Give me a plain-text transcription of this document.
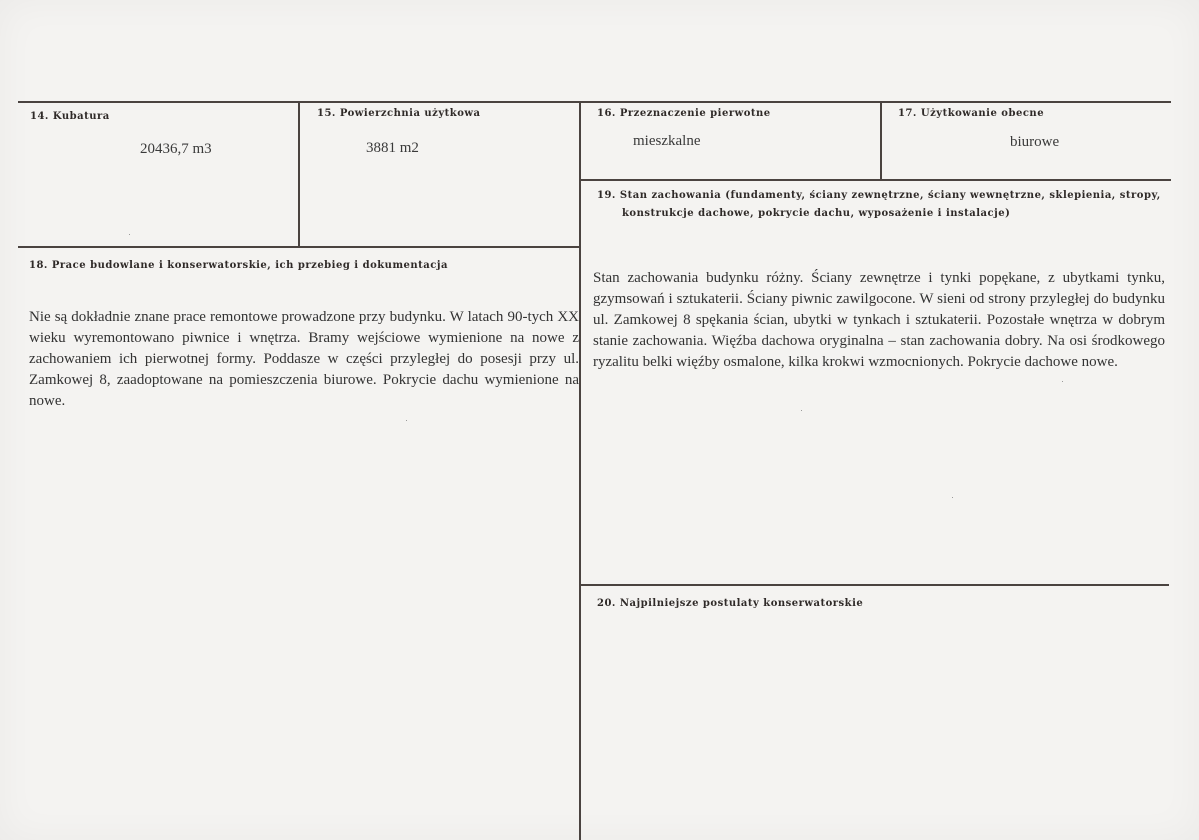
14. Kubatura
20436,7 m3
15. Powierzchnia użytkowa
3881 m2
16. Przeznaczenie pierwotne
mieszkalne
17. Użytkowanie obecne
biurowe
18. Prace budowlane i konserwatorskie, ich przebieg i dokumentacja
Nie są dokładnie znane prace remontowe prowadzone przy budynku. W latach 90-tych XX wieku wyremontowano piwnice i wnętrza. Bramy wejściowe wymienione na nowe z zachowaniem ich pierwotnej formy. Poddasze w części przyległej do posesji przy ul. Zamkowej 8, zaadoptowane na pomieszczenia biurowe. Pokrycie dachu wymienione na nowe.
19. Stan zachowania (fundamenty, ściany zewnętrzne, ściany wewnętrzne, sklepienia, stropy,
konstrukcje dachowe, pokrycie dachu, wyposażenie i instalacje)
Stan zachowania budynku różny. Ściany zewnętrze i tynki popękane, z ubytkami tynku, gzymsowań i sztukaterii. Ściany piwnic zawilgocone. W sieni od strony przyległej do budynku ul. Zamkowej 8 spękania ścian, ubytki w tynkach i sztukaterii. Pozostałe wnętrza w dobrym stanie zachowania. Więźba dachowa oryginalna – stan zachowania dobry. Na osi środkowego ryzalitu belki więźby osmalone, kilka krokwi wzmocnionych. Pokrycie dachowe nowe.
20. Najpilniejsze postulaty konserwatorskie
